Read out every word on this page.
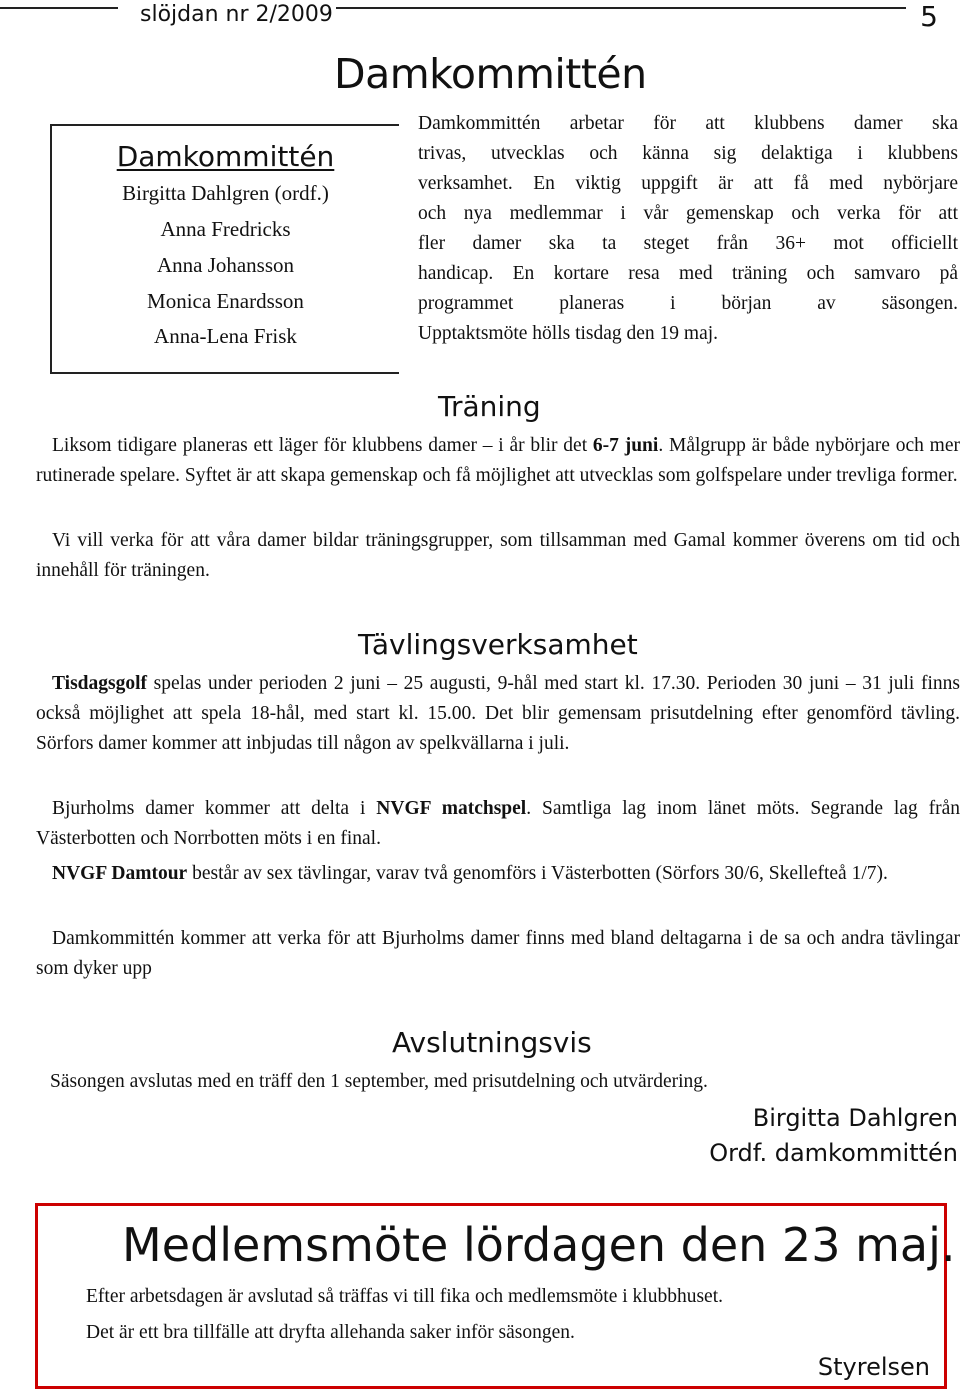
slöjdan nr 2/2009	5
Damkommittén
Damkommittén
Birgitta Dahlgren (ordf.)
Anna Fredricks
Anna Johansson
Monica Enardsson
Anna-Lena Frisk
Damkommittén arbetar för att klubbens damer ska
trivas, utvecklas och känna sig delaktiga i klubbens
verksamhet. En viktig uppgift är att få med nybörjare
och nya medlemmar i vår gemenskap och verka för att
fler damer ska ta steget från 36+ mot officiellt
handicap. En kortare resa med träning och samvaro på
programmet planeras i början av säsongen.
Upptaktsmöte hölls tisdag den 19 maj.
Träning
Liksom tidigare planeras ett läger för klubbens damer – i år blir det 6-7 juni. Målgrupp är både nybörjare och mer rutinerade spelare. Syftet är att skapa gemenskap och få möjlighet att utvecklas som golfspelare under trevliga former.
Vi vill verka för att våra damer bildar träningsgrupper, som tillsamman med Gamal kommer överens om tid och innehåll för träningen.
Tävlingsverksamhet
Tisdagsgolf spelas under perioden 2 juni – 25 augusti, 9-hål med start kl. 17.30. Perioden 30 juni – 31 juli finns också möjlighet att spela 18-hål, med start kl. 15.00. Det blir gemensam prisutdelning efter genomförd tävling. Sörfors damer kommer att inbjudas till någon av spelkvällarna i juli.
Bjurholms damer kommer att delta i NVGF matchspel. Samtliga lag inom länet möts. Segrande lag från Västerbotten och Norrbotten möts i en final.
NVGF Damtour består av sex tävlingar, varav två genomförs i Västerbotten (Sörfors 30/6, Skellefteå 1/7).
Damkommittén kommer att verka för att Bjurholms damer finns med bland deltagarna i de sa och andra tävlingar som dyker upp
Avslutningsvis
Säsongen avslutas med en träff den 1 september, med prisutdelning och utvärdering.
Birgitta Dahlgren
Ordf. damkommittén
Medlemsmöte lördagen den 23 maj.
Efter arbetsdagen är avslutad så träffas vi till fika och medlemsmöte i klubbhuset.
Det är ett bra tillfälle att dryfta allehanda saker inför säsongen.
Styrelsen
